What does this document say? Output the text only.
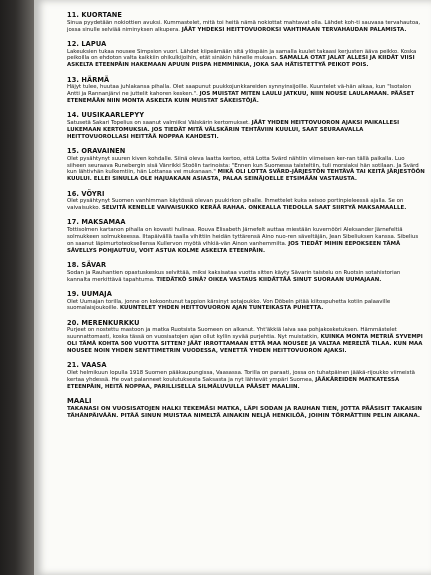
11. KUORTANE

Sinua pyydetään nokiottien avuksi. Kummastelet, mitä toi heitä nämä nokiottat mahtavat olla. Lähdet koh-ti sauvasa tervahautoa, jossa sinulle selviää niminyksen alkupera. JÄÄT YHDEKSI HEITTOVUOROKSI VAHTIMAAN TERVAHAUDAN PALAMISTA.

12. LAPUA

Lakeuksien tukaa nouseе Simpsion vuori. Lähdet kiipeämään sitä ylöspäin ja samalla kuulet takaasi kerjusten ääva peikko. Koska peikoilla on ehdoton valta kaikkiin ohikulkijoihin, etät sinäkin hänelle mukaan. SAMALLA OTAT JALAT ALLESI JA KIIDÄT VIISI ASKELTA ETEENPÄIN HAKEMAAN APUUN PIISPA HEMMINKIA, JOKA SAA HÄTISTETTYÄ PEIKOT POIS.

13. HÄRMÄ

Häjyt tulee, huutaa juhlakansa pihalla. Olet saapunut puukkojunkkareiden synnyinsijoille. Kuuntelet vä-hän aikaa, kun "Isotalon Antti ja Rannanjärvi ne juttelit kahoren kesken.". JOS MUISTAT MITEN LAULU JATKUU, NIIN NOUSE LAULAMAAN. PÄÄSET ETENEMÄÄN NIIN MONTA ASKELTA KUIN MUISTAT SÄKEISTÖJÄ.

14. UUSIKAARLEPYY

Satusetä Sakari Topelius on saanut valmiiksi Välskärin kertomukset. JÄÄT YHDEN HEITTOVUORON AJAKSI PAIKALLESI LUKEMAAN KERTOMUKSIA. JOS TIEDÄT MITÄ VÄLSKÄRIN TEHTÄVIIN KUULUI, SAAT SEURAAVALLA HEITTOVUOROLLASI HEITTÄÄ NOPPAA KAHDESTI.

15. ORAVAINEN

Olet pysähtynyt suuren kiven kohdalle. Siinä oleva laatta kertoo, että Lotta Svärd nähtiin viimeisen ker-ran tällä paikalla. Luo siiheen seuraava Runebergin sisä Vänrikki Stoölin tarinoista: "Ennen kun Suomessa taisteltiin, tuli morsiaksi hän sotilaan. Ja Svärd kun lähtivhän kulkemtiin, hän Lottansa vei mukanaan." MIKÄ OLI LOTTA SVÄRD-JÄRJESTÖN TEHTÄVÄ TAI KEITÄ JÄRJESTÖÖN KUULUI. ELLEI SINULLA OLE HAJUAKAAN ASIASTA, PALAA SEINÄJOELLE ETSIMÄÄN VASTAUSTA.

16. VÖYRI

Olet pysähtynyt Suomen vanhimman käytössä olevan puukirkon pihalle. Ihmettelet kuka seisoo portinpieleessä ajalla. Se on vaivaisukko. SELVITÄ KENELLE VAIVAISUKKO KERÄÄ RAHAA. ONKEALLA TIEDOLLA SAAT SIIRTYÄ MAKSAMAALLE.

17. MAKSAMAA

Tottisolmen kartanon pihalla on kovasti hulinaa. Rouva Elisabeth Järnefelt auttaa miestään kuvernööri Aleksander Järnefeltiä solmukkeen solmukkeessa. Iltapäivällä taalla vihittiin heidän tyttärensä Aino nuo-ren säveltäjän, Jean Sibeliuksen kanssa. Sibelius on saanut läpimurtoteoksellensa Kullervon myötä vihkiä-vän Ainon vanhemmilta. JOS TIEDÄT MIHIN EEPOKSEEN TÄMÄ SÄVELLYS POHJAUTUU, VOIT ASTUA KOLME ASKELTA ETEENPÄIN.

18. SÄVAR

Sodan ja Rauhantien opastuskeskus selvittää, miksi kaksisataa vuotta sitten käyty Sävarin taistelu on Ruotsin sotahistorian kannalta merkittävä tapahtuma. TIEDÄTKÖ SINÄ? OIKEA VASTAUS KIIDÄTTÄÄ SINUT SUORAAN UUMAJAAN.

19. UUMAJA

Olet Uumajan torilla, jonne on kokoontunut tappion kärsinyt sotajoukko. Von Döbeln pitää kiitospuhetta kotiin palaaville suomalaisjoukoille. KUUNTELET YHDEN HEITTOVUORON AJAN TUNTEIKASTA PUHETTA.

20. MERENKURKKU

Purjeet on nostettu mastoon ja matka Ruotsista Suomeen on alkanut. Yht'äkkiä laiva saa pohjakosketuksen. Hämmästelet suunnattomasti, koska tässä on vuosisatojen ajan ollut kyllin syvää purjehtia. Nyt muistatkin, KUINKA MONTA METRIÄ SYVEMPI OLI TÄMÄ KOHTA 500 VUOTTA SITTEN? JÄÄT IRROTTAMAAN ETTÄ MAA NOUSEE JA VALTAA MERELTÄ TILAA. KUN MAA NOUSEE NOIN YHDEN SENTTIMETRIN VUODESSA, VENETTÄ YHDEN HEITTOVUORON AJAKSI.

21. VAASA

Olet helmikuun lopulla 1918 Suomen pääkaupungissa, Vaasassa. Torilla on paraati, jossa on tuhatpäinen jääkä-rijoukko viimeistä kertaa yhdessä. He ovat palanneet koulutuksesta Saksasta ja nyt lähtevät ympäri Suomea, JÄÄKÄREIDEN MATKATESSA ETEENPÄIN, HEITÄ NOPPAA, PARILLISELLA SILMÄLUVULLA PÄÄSET MAALIIN.

MAALI

TAKANASI ON VUOSISATOJEN HALKI TEKEMÄSI MATKA, LÄPI SODAN JA RAUHAN TIEN, JOTTA PÄÄSISIT TAKAISIN TÄHÄNPÄIVÄÄN. PITÄÄ SINUN MUISTAA NIMELTÄ AINAKIN NELJÄ HENKILÖÄ, JOIHIN TÖRMÄTTIIN PELIN AIKANA.
